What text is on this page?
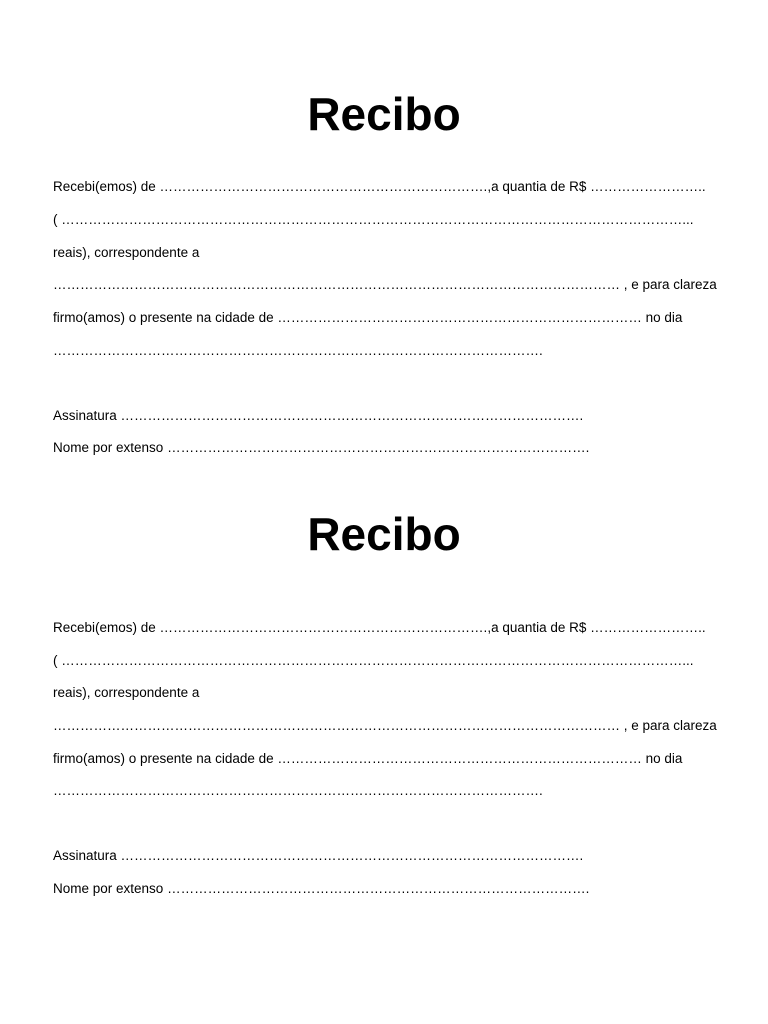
Recibo
Recebi(emos) de ……………………………………………………………….,a quantia de R$ ……………………..
( …………………………………………………………………………………………………………………………...
reais), correspondente a
……………………………………………………………………………………………………………… , e para clareza
firmo(amos) o presente na cidade de ……………………………………………………………………… no dia
……………………………………………………………………………………………….
Assinatura ………………………………………………………………………………………….
Nome por extenso ………………………………………………………………………………….
Recibo
Recebi(emos) de ……………………………………………………………….,a quantia de R$ ……………………..
( …………………………………………………………………………………………………………………………...
reais), correspondente a
……………………………………………………………………………………………………………… , e para clareza
firmo(amos) o presente na cidade de ……………………………………………………………………… no dia
……………………………………………………………………………………………….
Assinatura ………………………………………………………………………………………….
Nome por extenso ………………………………………………………………………………….
